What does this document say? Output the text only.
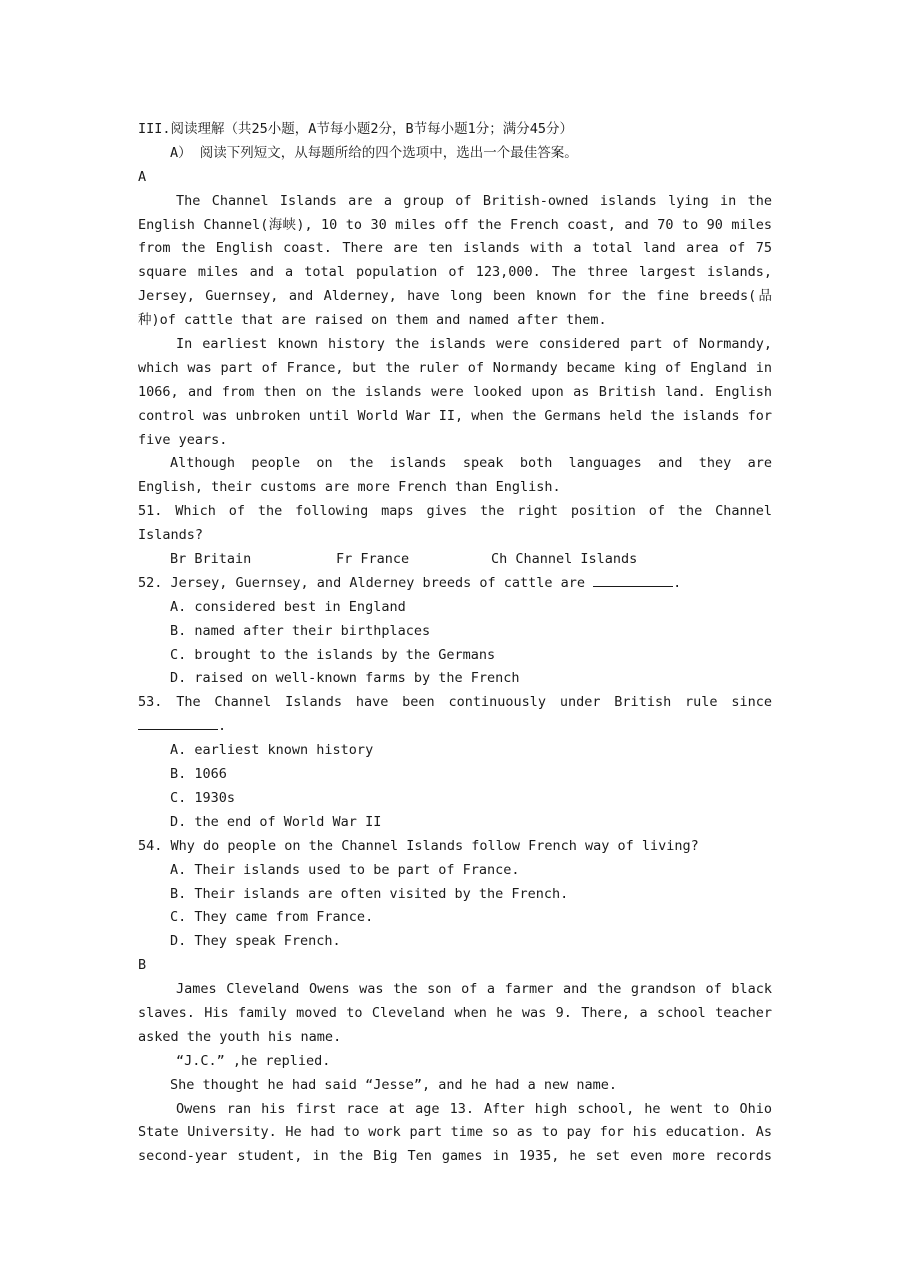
III.阅读理解（共25小题，A节每小题2分，B节每小题1分；满分45分）
A） 阅读下列短文，从每题所给的四个选项中，选出一个最佳答案。
A
The Channel Islands are a group of British-owned islands lying in the
English Channel(海峡), 10 to 30 miles off the French coast, and 70 to 90 miles
from the English coast. There are ten islands with a total land area of 75
square miles and a total population of 123,000. The three largest islands,
Jersey, Guernsey, and Alderney, have long been known for the fine breeds(品
种)of cattle that are raised on them and named after them.
In earliest known history the islands were considered part of Normandy,
which was part of France, but the ruler of Normandy became king of England in
1066, and from then on the islands were looked upon as British land. English
control was unbroken until World War II, when the Germans held the islands for
five years.
Although people on the islands speak both languages and they are
English, their customs are more French than English.
51. Which of the following maps gives the right position of the Channel
Islands?
Br Britain	Fr France	Ch Channel Islands
52. Jersey, Guernsey, and Alderney breeds of cattle are	.
A. considered best in England
B. named after their birthplaces
C. brought to the islands by the Germans
D. raised on well-known farms by the French
53. The Channel Islands have been continuously under British rule since
.
A. earliest known history
B. 1066
C. 1930s
D. the end of World War II
54. Why do people on the Channel Islands follow French way of living?
A. Their islands used to be part of France.
B. Their islands are often visited by the French.
C. They came from France.
D. They speak French.
B
James Cleveland Owens was the son of a farmer and the grandson of black
slaves. His family moved to Cleveland when he was 9. There, a school teacher
asked the youth his name.
“J.C.” ,he replied.
She thought he had said “Jesse”, and he had a new name.
Owens ran his first race at age 13. After high school, he went to Ohio
State University. He had to work part time so as to pay for his education. As
second-year student, in the Big Ten games in 1935, he set even more records
